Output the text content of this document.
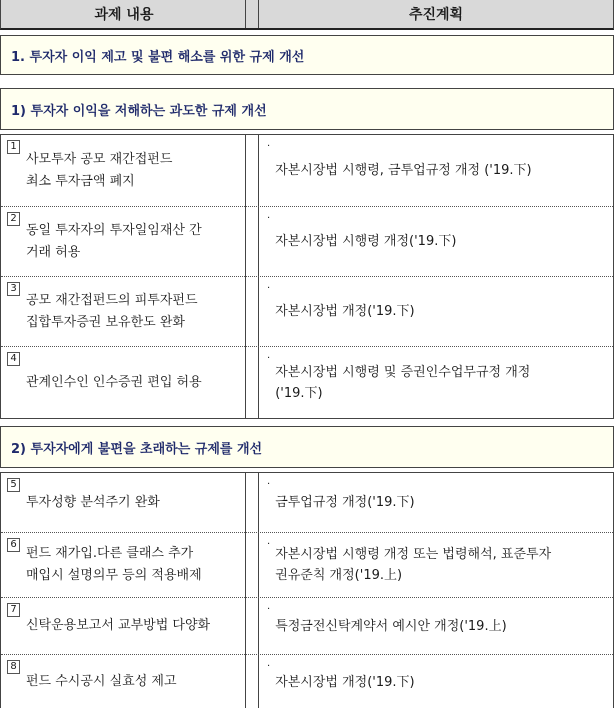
과제 내용	추진계획
1. 투자자 이익 제고 및 불편 해소를 위한 규제 개선
1) 투자자 이익을 저해하는 과도한 규제 개선
1
사모투자 공모 재간접펀드
최소 투자금액 폐지
·
자본시장법 시행령, 금투업규정 개정 ('19.下)
2
동일 투자자의 투자일임재산 간
거래 허용
·
자본시장법 시행령 개정('19.下)
3
공모 재간접펀드의 피투자펀드
집합투자증권 보유한도 완화
·
자본시장법 개정('19.下)
4
관계인수인 인수증권 편입 허용
·
자본시장법 시행령 및 증권인수업무규정 개정
('19.下)
2) 투자자에게 불편을 초래하는 규제를 개선
5
투자성향 분석주기 완화
·
금투업규정 개정('19.下)
6
펀드 재가입.다른 클래스 추가
매입시 설명의무 등의 적용배제
·
자본시장법 시행령 개정 또는 법령해석, 표준투자
권유준칙 개정('19.上)
7
신탁운용보고서 교부방법 다양화
·
특정금전신탁계약서 예시안 개정('19.上)
8
펀드 수시공시 실효성 제고
·
자본시장법 개정('19.下)
